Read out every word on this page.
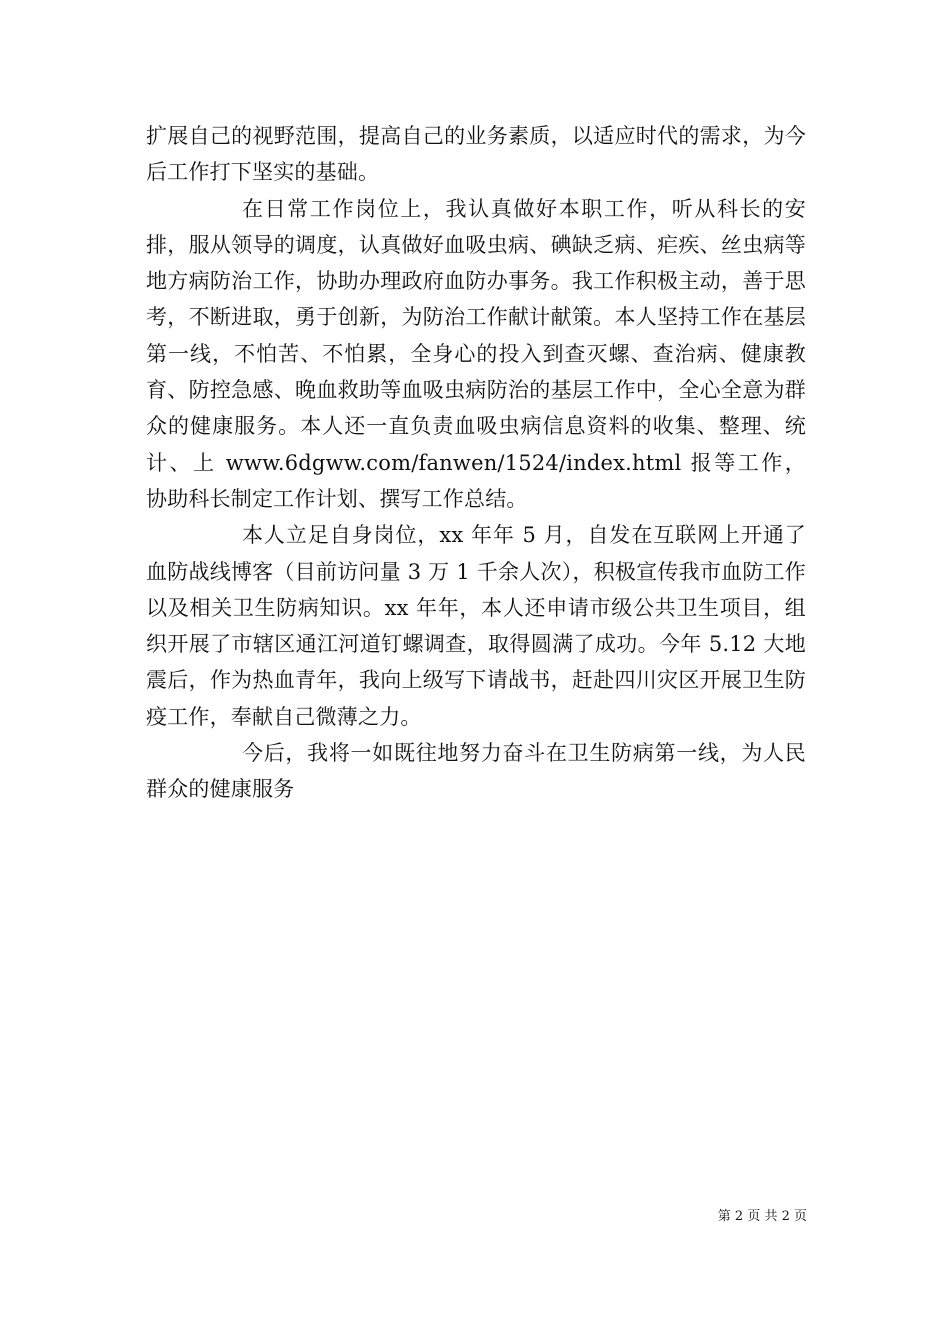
扩展自己的视野范围，提高自己的业务素质，以适应时代的需求，为今后工作打下坚实的基础。

在日常工作岗位上，我认真做好本职工作，听从科长的安排，服从领导的调度，认真做好血吸虫病、碘缺乏病、疟疾、丝虫病等地方病防治工作，协助办理政府血防办事务。我工作积极主动，善于思考，不断进取，勇于创新，为防治工作献计献策。本人坚持工作在基层第一线，不怕苦、不怕累，全身心的投入到查灭螺、查治病、健康教育、防控急感、晚血救助等血吸虫病防治的基层工作中，全心全意为群众的健康服务。本人还一直负责血吸虫病信息资料的收集、整理、统计、上 www.6dgww.com/fanwen/1524/index.html 报等工作，协助科长制定工作计划、撰写工作总结。

本人立足自身岗位，xx 年年 5 月，自发在互联网上开通了血防战线博客（目前访问量 3 万 1 千余人次），积极宣传我市血防工作以及相关卫生防病知识。xx 年年，本人还申请市级公共卫生项目，组织开展了市辖区通江河道钉螺调查，取得圆满了成功。今年 5.12 大地震后，作为热血青年，我向上级写下请战书，赶赴四川灾区开展卫生防疫工作，奉献自己微薄之力。

今后，我将一如既往地努力奋斗在卫生防病第一线，为人民群众的健康服务

第 2 页 共 2 页
